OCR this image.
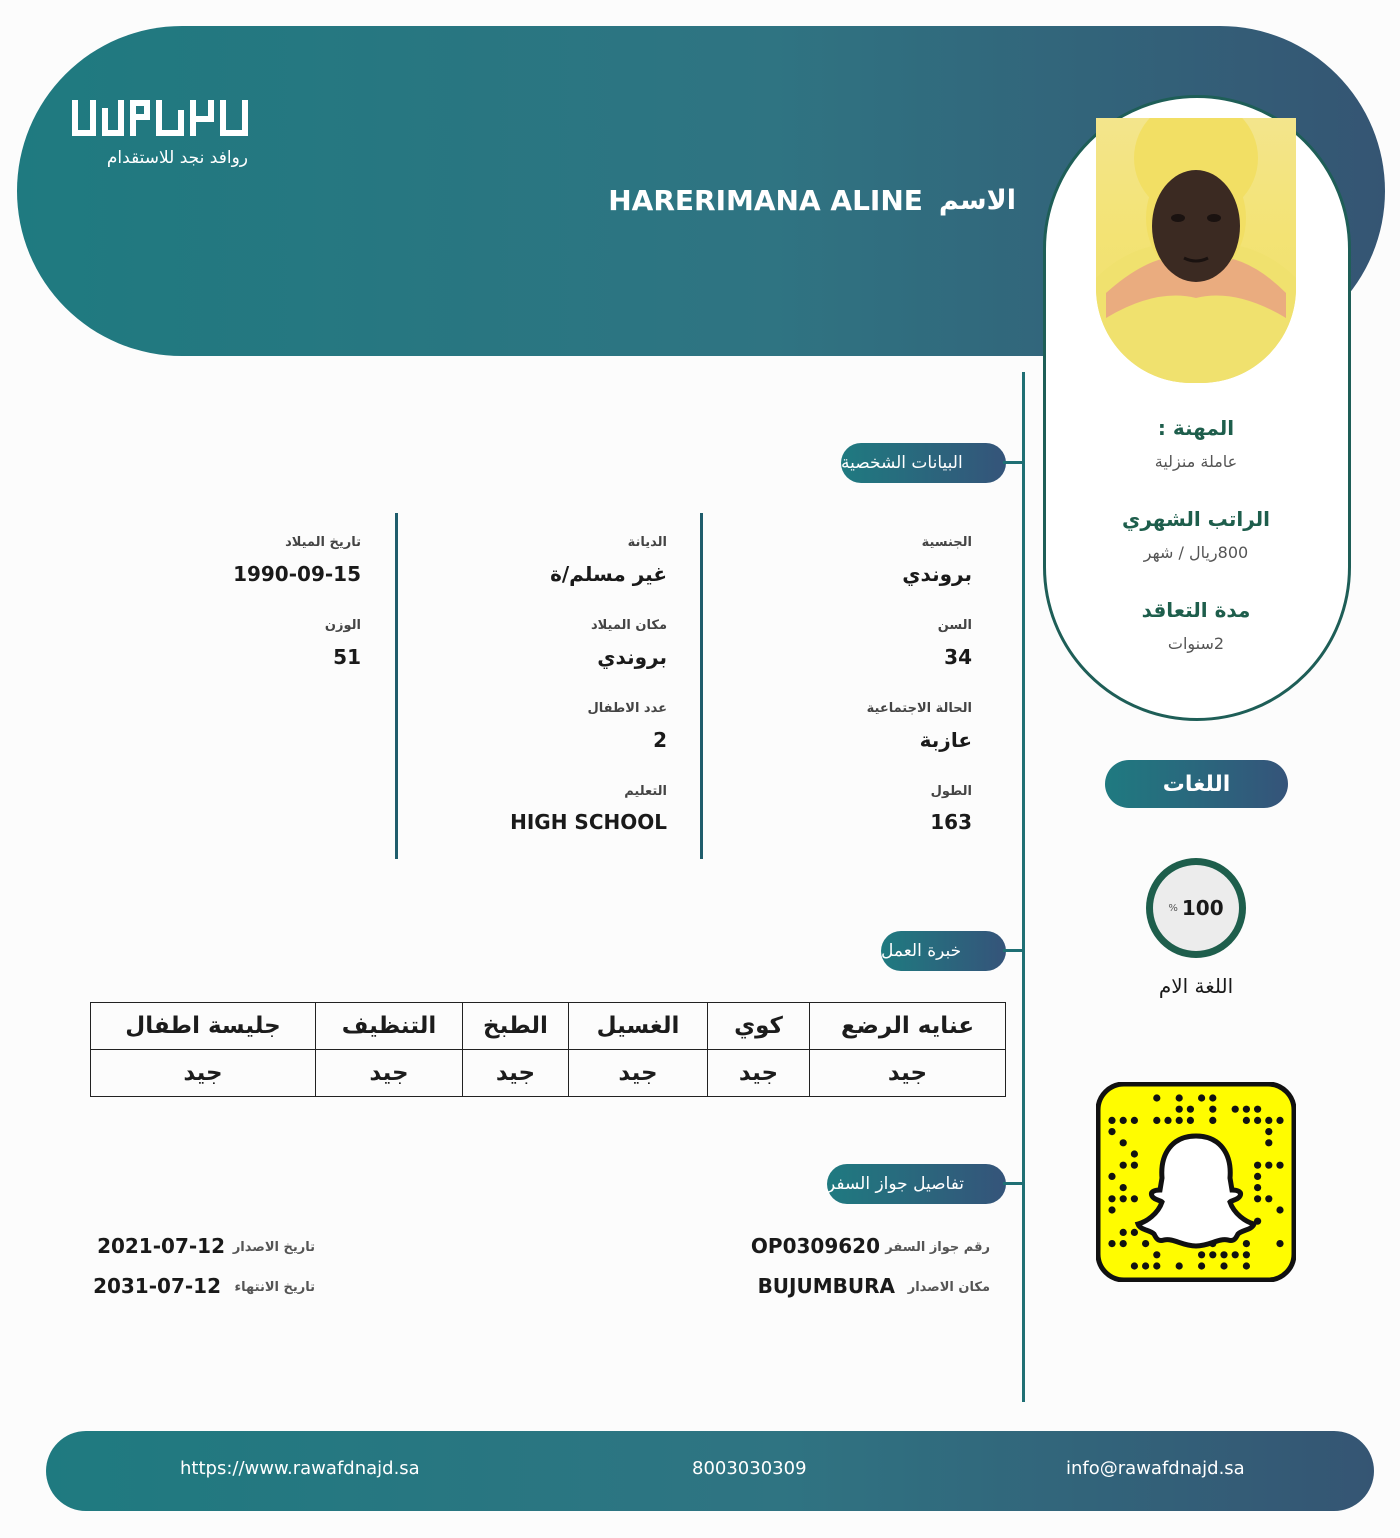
روافد نجد للاستقدام
الاسم
HARERIMANA ALINE
المهنة :
عاملة منزلية
الراتب الشهري
800ريال / شهر
مدة التعاقد
2سنوات
البيانات الشخصية
الجنسية
بروندي
السن
34
الحالة الاجتماعية
عازبة
الطول
163
الديانة
غير مسلم/ة
مكان الميلاد
بروندي
عدد الاطفال
2
التعليم
HIGH SCHOOL
تاريخ الميلاد
1990-09-15
الوزن
51
خبرة العمل
عنايه الرضع	كوي	الغسيل	الطبخ	التنظيف	جليسة اطفال
جيد	جيد	جيد	جيد	جيد	جيد
تفاصيل جواز السفر
رقم جواز السفر
OP0309620
مكان الاصدار
BUJUMBURA
تاريخ الاصدار
2021-07-12
تاريخ الانتهاء
2031-07-12
اللغات
% 100
اللغة الام
https://www.rawafdnajd.sa	8003030309	info@rawafdnajd.sa
